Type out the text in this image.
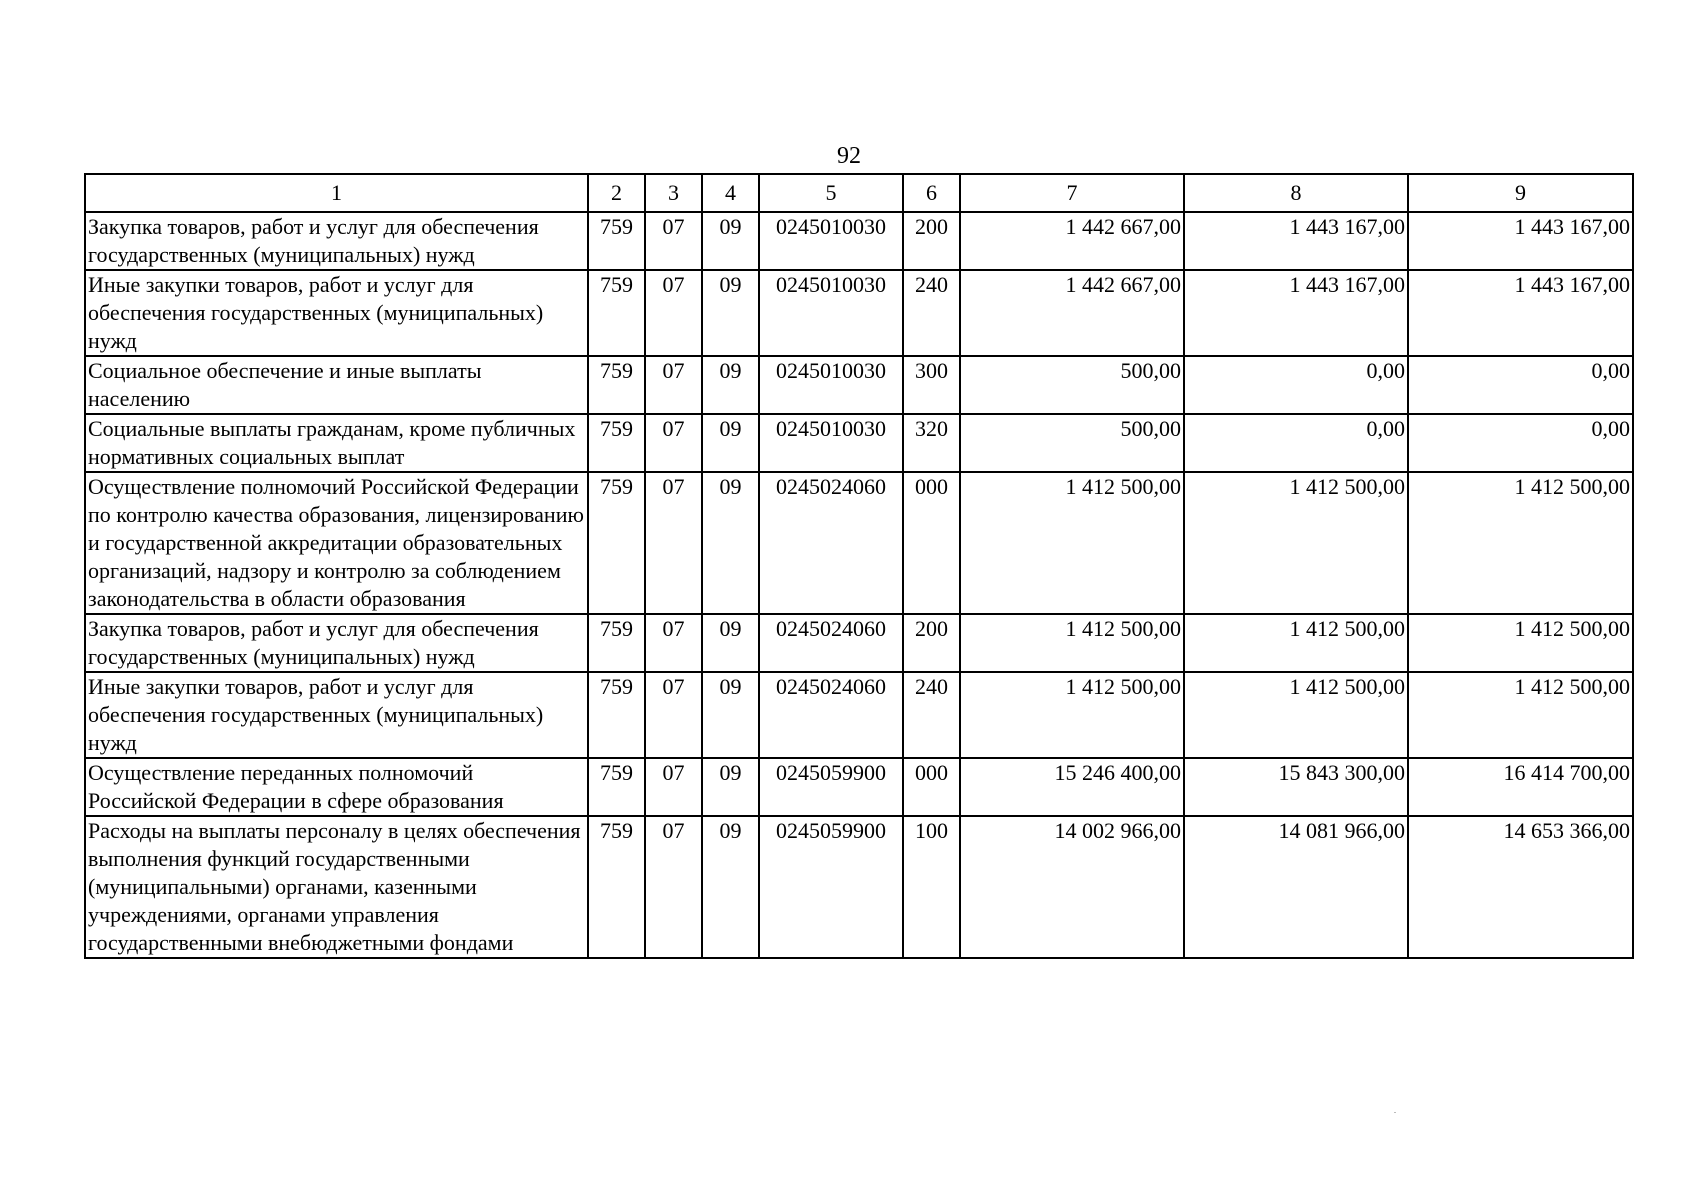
92
1	2	3	4	5	6	7	8	9
Закупка товаров, работ и услуг для обеспечения государственных (муниципальных) нужд	759	07	09	0245010030	200	1 442 667,00	1 443 167,00	1 443 167,00
Иные закупки товаров, работ и услуг для обеспечения государственных (муниципальных) нужд	759	07	09	0245010030	240	1 442 667,00	1 443 167,00	1 443 167,00
Социальное обеспечение и иные выплаты населению	759	07	09	0245010030	300	500,00	0,00	0,00
Социальные выплаты гражданам, кроме публичных нормативных социальных выплат	759	07	09	0245010030	320	500,00	0,00	0,00
Осуществление полномочий Российской Федерации по контролю качества образования, лицензированию и государственной аккредитации образовательных организаций, надзору и контролю за соблюдением законодательства в области образования	759	07	09	0245024060	000	1 412 500,00	1 412 500,00	1 412 500,00
Закупка товаров, работ и услуг для обеспечения государственных (муниципальных) нужд	759	07	09	0245024060	200	1 412 500,00	1 412 500,00	1 412 500,00
Иные закупки товаров, работ и услуг для обеспечения государственных (муниципальных) нужд	759	07	09	0245024060	240	1 412 500,00	1 412 500,00	1 412 500,00
Осуществление переданных полномочий Российской Федерации в сфере образования	759	07	09	0245059900	000	15 246 400,00	15 843 300,00	16 414 700,00
Расходы на выплаты персоналу в целях обеспечения выполнения функций государственными (муниципальными) органами, казенными учреждениями, органами управления государственными внебюджетными фондами	759	07	09	0245059900	100	14 002 966,00	14 081 966,00	14 653 366,00
